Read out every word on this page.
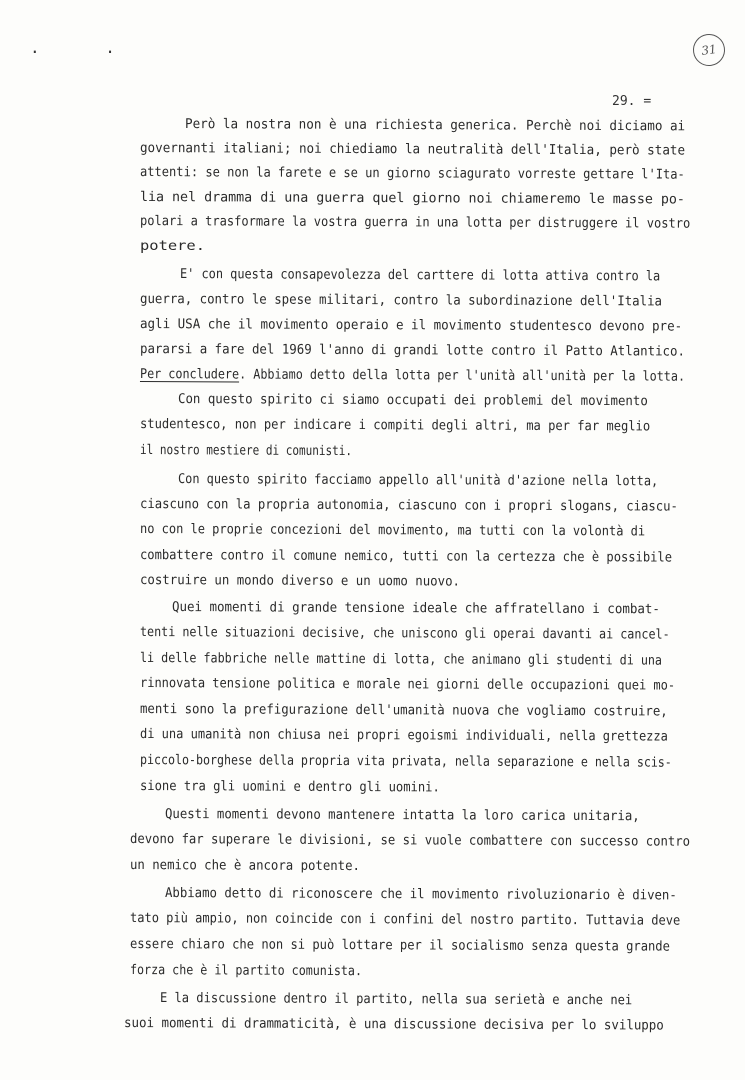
. .	31
29. =
Però la nostra non è una richiesta generica. Perchè noi diciamo ai
governanti italiani; noi chiediamo la neutralità dell'Italia, però state
attenti: se non la farete e se un giorno sciagurato vorreste gettare l'Ita-
lia nel dramma di una guerra quel giorno noi chiameremo le masse po-
polari a trasformare la vostra guerra in una lotta per distruggere il vostro
potere.
E' con questa consapevolezza del carttere di lotta attiva contro la
guerra, contro le spese militari, contro la subordinazione dell'Italia
agli USA che il movimento operaio e il movimento studentesco devono pre-
pararsi a fare del 1969 l'anno di grandi lotte contro il Patto Atlantico.
Per concludere. Abbiamo detto della lotta per l'unità all'unità per la lotta.
Con questo spirito ci siamo occupati dei problemi del movimento
studentesco, non per indicare i compiti degli altri, ma per far meglio
il nostro mestiere di comunisti.
Con questo spirito facciamo appello all'unità d'azione nella lotta,
ciascuno con la propria autonomia, ciascuno con i propri slogans, ciascu-
no con le proprie concezioni del movimento, ma tutti con la volontà di
combattere contro il comune nemico, tutti con la certezza che è possibile
costruire un mondo diverso e un uomo nuovo.
Quei momenti di grande tensione ideale che affratellano i combat-
tenti nelle situazioni decisive, che uniscono gli operai davanti ai cancel-
li delle fabbriche nelle mattine di lotta, che animano gli studenti di una
rinnovata tensione politica e morale nei giorni delle occupazioni quei mo-
menti sono la prefigurazione dell'umanità nuova che vogliamo costruire,
di una umanità non chiusa nei propri egoismi individuali, nella grettezza
piccolo-borghese della propria vita privata, nella separazione e nella scis-
sione tra gli uomini e dentro gli uomini.
Questi momenti devono mantenere intatta la loro carica unitaria,
devono far superare le divisioni, se si vuole combattere con successo contro
un nemico che è ancora potente.
Abbiamo detto di riconoscere che il movimento rivoluzionario è diven-
tato più ampio, non coincide con i confini del nostro partito. Tuttavia deve
essere chiaro che non si può lottare per il socialismo senza questa grande
forza che è il partito comunista.
E la discussione dentro il partito, nella sua serietà e anche nei
suoi momenti di drammaticità, è una discussione decisiva per lo sviluppo
